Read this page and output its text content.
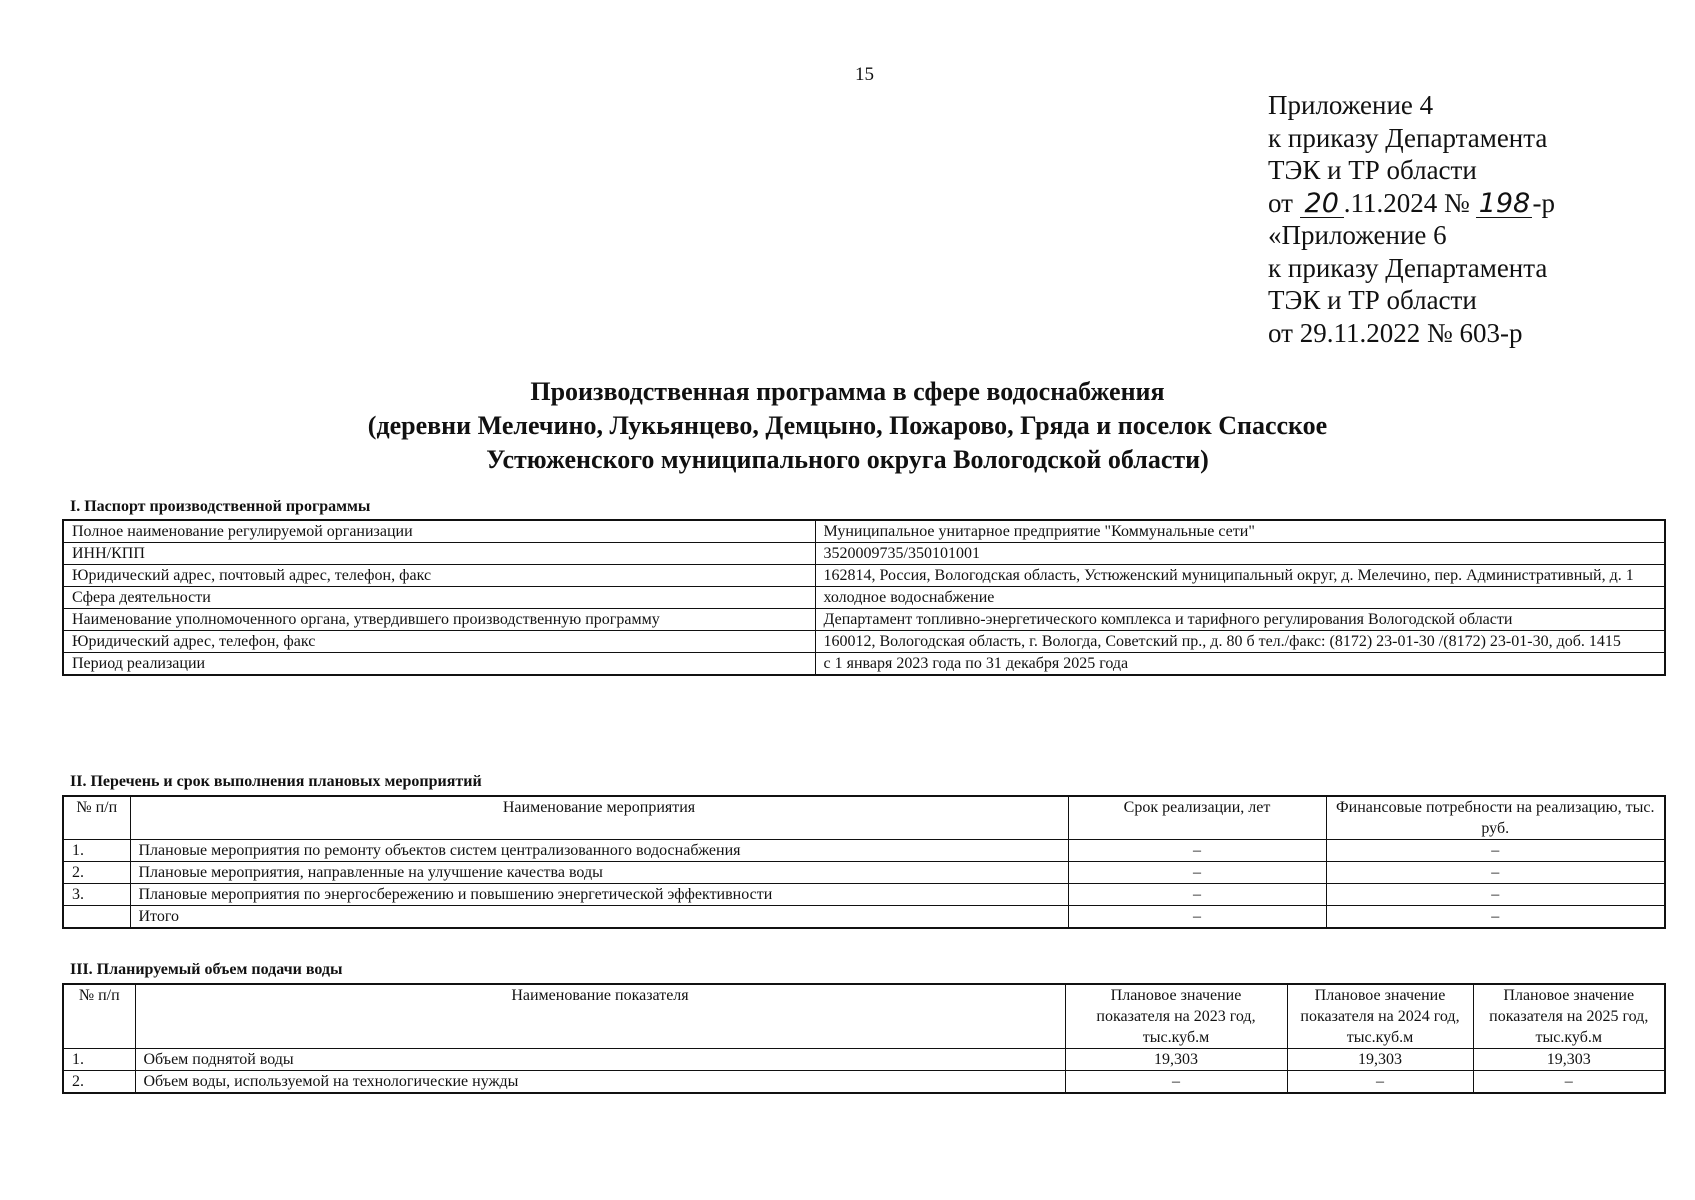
15
Приложение 4
к приказу Департамента
ТЭК и ТР области
от 20 .11.2024 № 198-р
«Приложение 6
к приказу Департамента
ТЭК и ТР области
от 29.11.2022 № 603-р
Производственная программа в сфере водоснабжения
(деревни Мелечино, Лукьянцево, Демцыно, Пожарово, Гряда и поселок Спасское
Устюженского муниципального округа Вологодской области)
I. Паспорт производственной программы
Полное наименование регулируемой организации	Муниципальное унитарное предприятие "Коммунальные сети"
ИНН/КПП	3520009735/350101001
Юридический адрес, почтовый адрес, телефон, факс	162814, Россия, Вологодская область, Устюженский муниципальный округ, д. Мелечино, пер. Административный, д. 1
Сфера деятельности	холодное водоснабжение
Наименование уполномоченного органа, утвердившего производственную программу	Департамент топливно-энергетического комплекса и тарифного регулирования Вологодской области
Юридический адрес, телефон, факс	160012, Вологодская область, г. Вологда, Советский пр., д. 80 б тел./факс: (8172) 23-01-30 /(8172) 23-01-30, доб. 1415
Период реализации	с 1 января 2023 года по 31 декабря 2025 года
II. Перечень и срок выполнения плановых мероприятий
№ п/п	Наименование мероприятия	Срок реализации, лет	Финансовые потребности на реализацию, тыс. руб.
1.	Плановые мероприятия по ремонту объектов систем централизованного водоснабжения	–	–
2.	Плановые мероприятия, направленные на улучшение качества воды	–	–
3.	Плановые мероприятия по энергосбережению и повышению энергетической эффективности	–	–
	Итого	–	–
III. Планируемый объем подачи воды
№ п/п	Наименование показателя	Плановое значение показателя на 2023 год, тыс.куб.м	Плановое значение показателя на 2024 год, тыс.куб.м	Плановое значение показателя на 2025 год, тыс.куб.м
1.	Объем поднятой воды	19,303	19,303	19,303
2.	Объем воды, используемой на технологические нужды	–	–	–
